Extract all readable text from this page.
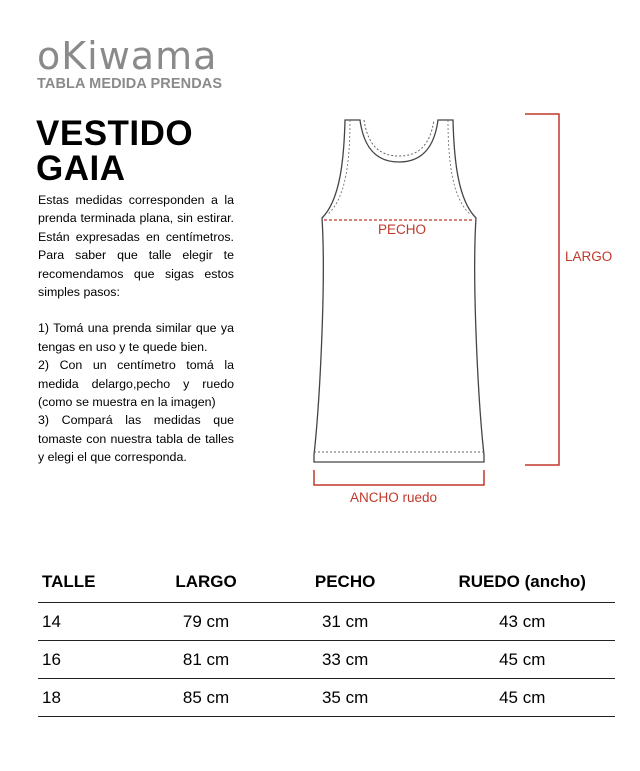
oKiwama
TABLA MEDIDA PRENDAS
VESTIDO
GAIA

Estas medidas corresponden a la prenda terminada plana, sin estirar. Están expresadas en centímetros. Para saber que talle elegir te recomendamos que sigas estos simples pasos:

1) Tomá una prenda similar que ya tengas en uso y te quede bien.

2) Con un centímetro tomá la medida delargo,pecho y ruedo (como se muestra en la imagen)

3) Compará las medidas que tomaste con nuestra tabla de talles y elegi el que corresponda.

PECHO
LARGO
ANCHO ruedo
TALLE	LARGO	PECHO	RUEDO (ancho)
14	79 cm	31 cm	43 cm
16	81 cm	33 cm	45 cm
18	85 cm	35 cm	45 cm
